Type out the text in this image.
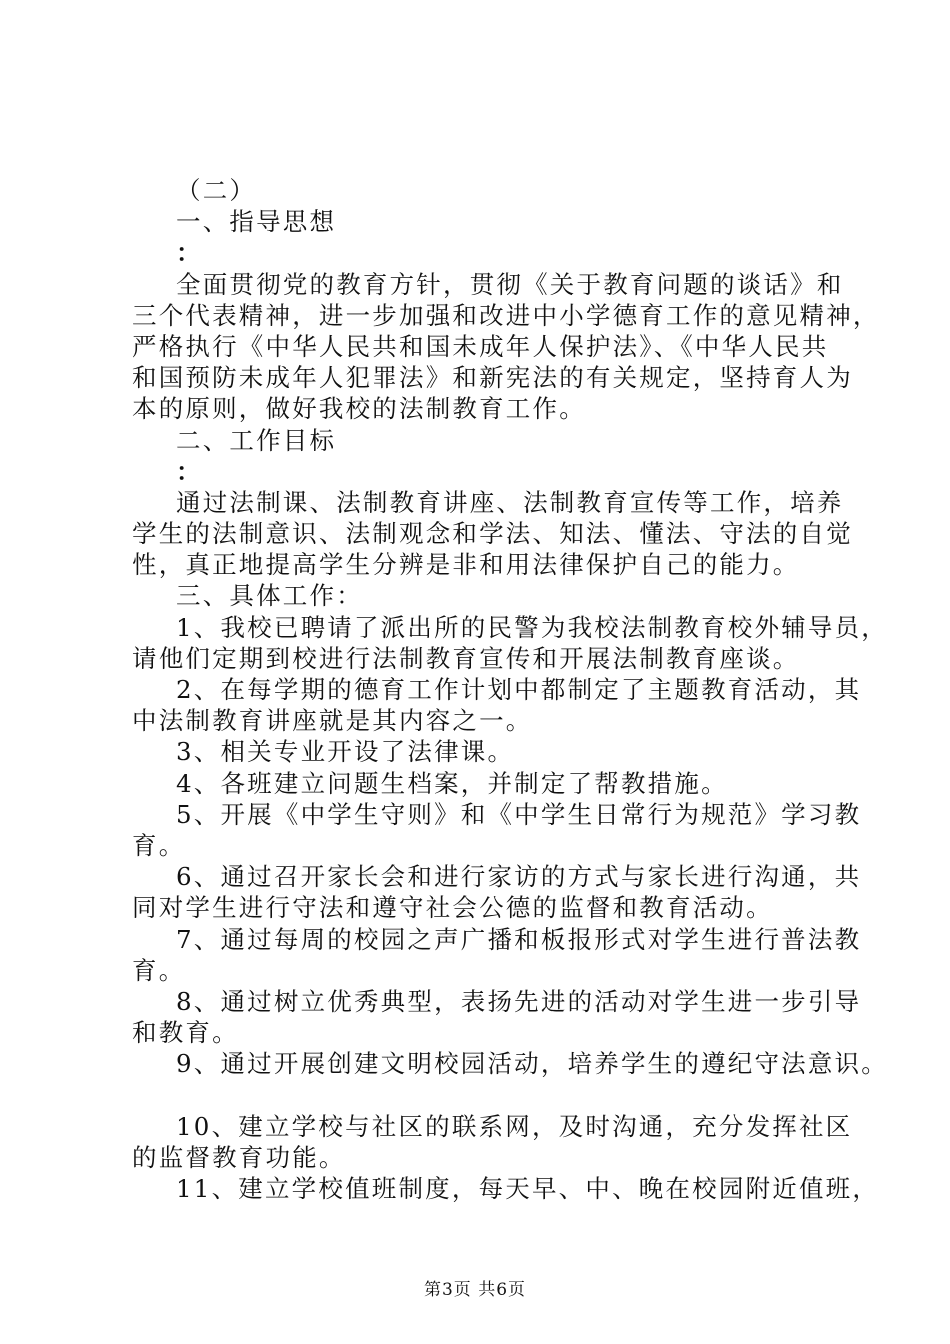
（二）

一、指导思想

：

全面贯彻党的教育方针，贯彻《关于教育问题的谈话》和

三个代表精神，进一步加强和改进中小学德育工作的意见精神，

严格执行《中华人民共和国未成年人保护法》、《中华人民共

和国预防未成年人犯罪法》和新宪法的有关规定，坚持育人为

本的原则，做好我校的法制教育工作。

二、工作目标

：

通过法制课、法制教育讲座、法制教育宣传等工作，培养

学生的法制意识、法制观念和学法、知法、懂法、守法的自觉

性，真正地提高学生分辨是非和用法律保护自己的能力。

三、具体工作：

1、我校已聘请了派出所的民警为我校法制教育校外辅导员，

请他们定期到校进行法制教育宣传和开展法制教育座谈。

2、在每学期的德育工作计划中都制定了主题教育活动，其

中法制教育讲座就是其内容之一。

3、相关专业开设了法律课。

4、各班建立问题生档案，并制定了帮教措施。

5、开展《中学生守则》和《中学生日常行为规范》学习教

育。

6、通过召开家长会和进行家访的方式与家长进行沟通，共

同对学生进行守法和遵守社会公德的监督和教育活动。

7、通过每周的校园之声广播和板报形式对学生进行普法教

育。

8、通过树立优秀典型，表扬先进的活动对学生进一步引导

和教育。

9、通过开展创建文明校园活动，培养学生的遵纪守法意识。

10、建立学校与社区的联系网，及时沟通，充分发挥社区

的监督教育功能。

11、建立学校值班制度，每天早、中、晚在校园附近值班，

第3页 共6页
